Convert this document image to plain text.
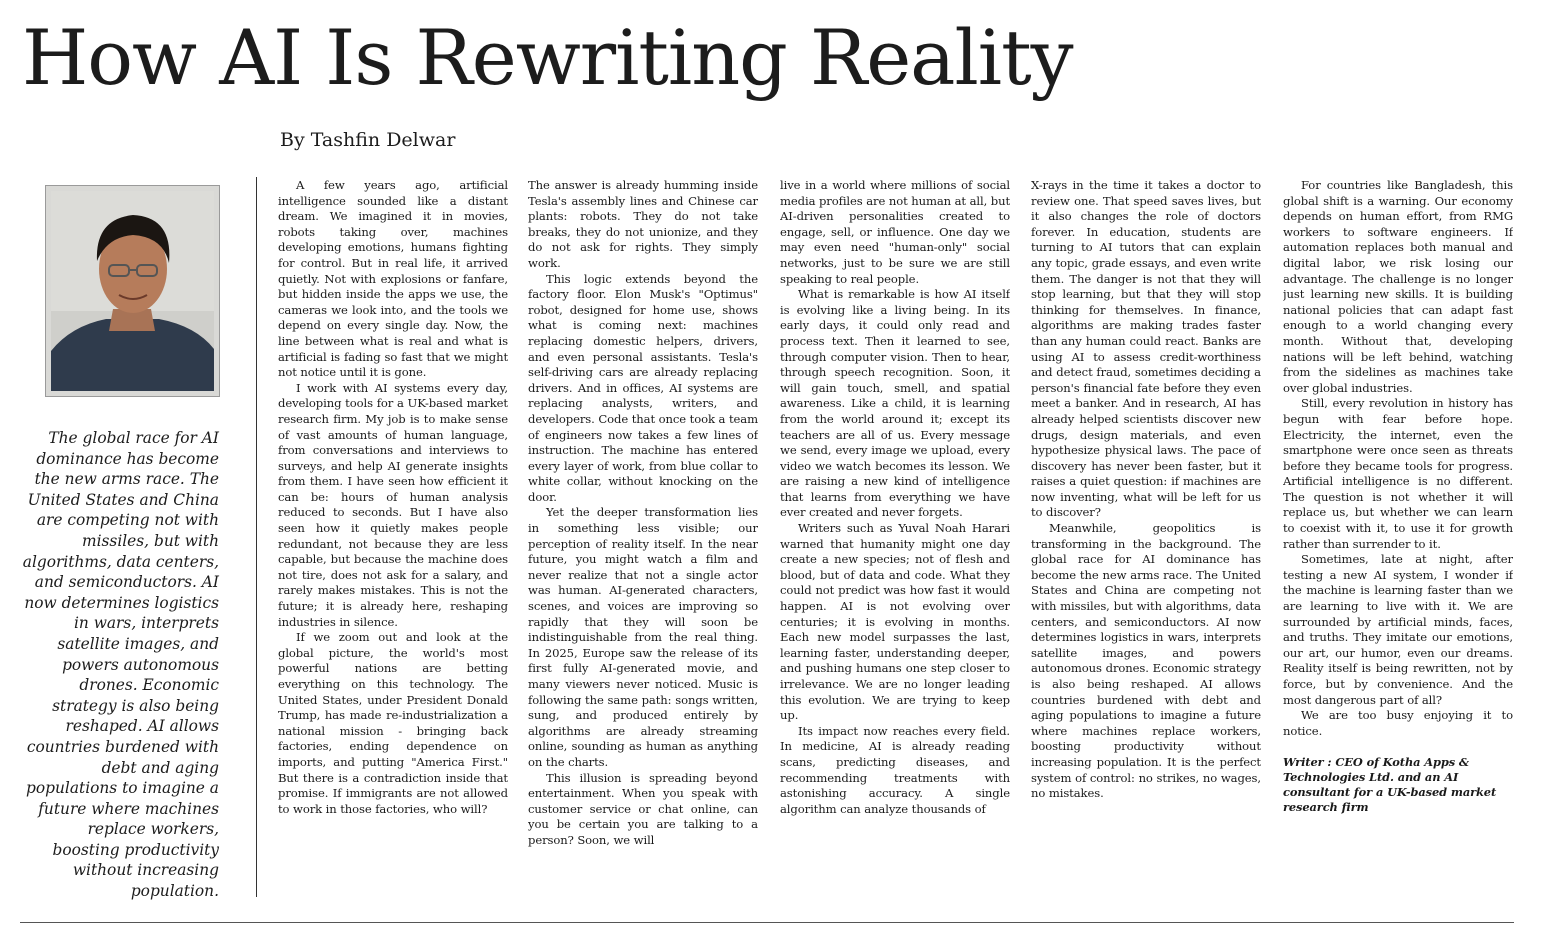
How AI Is Rewriting Reality
By Tashfin Delwar

The global race for AI dominance has become the new arms race. The United States and China are competing not with missiles, but with algorithms, data centers, and semiconductors. AI now determines logistics in wars, interprets satellite images, and powers autonomous drones. Economic strategy is also being reshaped. AI allows countries burdened with debt and aging populations to imagine a future where machines replace workers, boosting productivity without increasing population.

A few years ago, artificial intelligence sounded like a distant dream. We imagined it in movies, robots taking over, machines developing emotions, humans fighting for control. But in real life, it arrived quietly. Not with explosions or fanfare, but hidden inside the apps we use, the cameras we look into, and the tools we depend on every single day. Now, the line between what is real and what is artificial is fading so fast that we might not notice until it is gone.

I work with AI systems every day, developing tools for a UK-based market research firm. My job is to make sense of vast amounts of human language, from conversations and interviews to surveys, and help AI generate insights from them. I have seen how efficient it can be: hours of human analysis reduced to seconds. But I have also seen how it quietly makes people redundant, not because they are less capable, but because the machine does not tire, does not ask for a salary, and rarely makes mistakes. This is not the future; it is already here, reshaping industries in silence.

If we zoom out and look at the global picture, the world's most powerful nations are betting everything on this technology. The United States, under President Donald Trump, has made re-industrialization a national mission - bringing back factories, ending dependence on imports, and putting "America First." But there is a contradiction inside that promise. If immigrants are not allowed to work in those factories, who will?

The answer is already humming inside Tesla's assembly lines and Chinese car plants: robots. They do not take breaks, they do not unionize, and they do not ask for rights. They simply work.

This logic extends beyond the factory floor. Elon Musk's "Optimus" robot, designed for home use, shows what is coming next: machines replacing domestic helpers, drivers, and even personal assistants. Tesla's self-driving cars are already replacing drivers. And in offices, AI systems are replacing analysts, writers, and developers. Code that once took a team of engineers now takes a few lines of instruction. The machine has entered every layer of work, from blue collar to white collar, without knocking on the door.

Yet the deeper transformation lies in something less visible; our perception of reality itself. In the near future, you might watch a film and never realize that not a single actor was human. AI-generated characters, scenes, and voices are improving so rapidly that they will soon be indistinguishable from the real thing. In 2025, Europe saw the release of its first fully AI-generated movie, and many viewers never noticed. Music is following the same path: songs written, sung, and produced entirely by algorithms are already streaming online, sounding as human as anything on the charts.

This illusion is spreading beyond entertainment. When you speak with customer service or chat online, can you be certain you are talking to a person? Soon, we will

live in a world where millions of social media profiles are not human at all, but AI-driven personalities created to engage, sell, or influence. One day we may even need "human-only" social networks, just to be sure we are still speaking to real people.

What is remarkable is how AI itself is evolving like a living being. In its early days, it could only read and process text. Then it learned to see, through computer vision. Then to hear, through speech recognition. Soon, it will gain touch, smell, and spatial awareness. Like a child, it is learning from the world around it; except its teachers are all of us. Every message we send, every image we upload, every video we watch becomes its lesson. We are raising a new kind of intelligence that learns from everything we have ever created and never forgets.

Writers such as Yuval Noah Harari warned that humanity might one day create a new species; not of flesh and blood, but of data and code. What they could not predict was how fast it would happen. AI is not evolving over centuries; it is evolving in months. Each new model surpasses the last, learning faster, understanding deeper, and pushing humans one step closer to irrelevance. We are no longer leading this evolution. We are trying to keep up.

Its impact now reaches every field. In medicine, AI is already reading scans, predicting diseases, and recommending treatments with astonishing accuracy. A single algorithm can analyze thousands of

X-rays in the time it takes a doctor to review one. That speed saves lives, but it also changes the role of doctors forever. In education, students are turning to AI tutors that can explain any topic, grade essays, and even write them. The danger is not that they will stop learning, but that they will stop thinking for themselves. In finance, algorithms are making trades faster than any human could react. Banks are using AI to assess credit-worthiness and detect fraud, sometimes deciding a person's financial fate before they even meet a banker. And in research, AI has already helped scientists discover new drugs, design materials, and even hypothesize physical laws. The pace of discovery has never been faster, but it raises a quiet question: if machines are now inventing, what will be left for us to discover?

Meanwhile, geopolitics is transforming in the background. The global race for AI dominance has become the new arms race. The United States and China are competing not with missiles, but with algorithms, data centers, and semiconductors. AI now determines logistics in wars, interprets satellite images, and powers autonomous drones. Economic strategy is also being reshaped. AI allows countries burdened with debt and aging populations to imagine a future where machines replace workers, boosting productivity without increasing population. It is the perfect system of control: no strikes, no wages, no mistakes.

For countries like Bangladesh, this global shift is a warning. Our economy depends on human effort, from RMG workers to software engineers. If automation replaces both manual and digital labor, we risk losing our advantage. The challenge is no longer just learning new skills. It is building national policies that can adapt fast enough to a world changing every month. Without that, developing nations will be left behind, watching from the sidelines as machines take over global industries.

Still, every revolution in history has begun with fear before hope. Electricity, the internet, even the smartphone were once seen as threats before they became tools for progress. Artificial intelligence is no different. The question is not whether it will replace us, but whether we can learn to coexist with it, to use it for growth rather than surrender to it.

Sometimes, late at night, after testing a new AI system, I wonder if the machine is learning faster than we are learning to live with it. We are surrounded by artificial minds, faces, and truths. They imitate our emotions, our art, our humor, even our dreams. Reality itself is being rewritten, not by force, but by convenience. And the most dangerous part of all?

We are too busy enjoying it to notice.

Writer : CEO of Kotha Apps & Technologies Ltd. and an AI consultant for a UK-based market research firm
